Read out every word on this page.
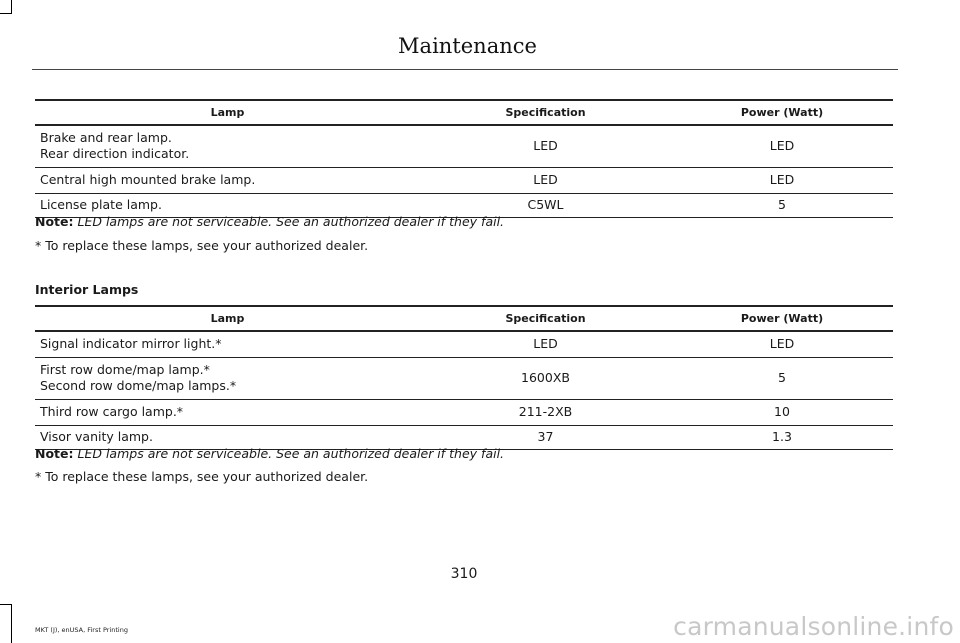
Maintenance
Lamp	Specification	Power (Watt)

Brake and rear lamp.
Rear direction indicator.	LED	LED

Central high mounted brake lamp.	LED	LED

License plate lamp.	C5WL	5
Note: LED lamps are not serviceable. See an authorized dealer if they fail.
* To replace these lamps, see your authorized dealer.
Interior Lamps
Lamp	Specification	Power (Watt)

Signal indicator mirror light.*	LED	LED

First row dome/map lamp.*
Second row dome/map lamps.*	1600XB	5

Third row cargo lamp.*	211-2XB	10

Visor vanity lamp.	37	1.3
Note: LED lamps are not serviceable. See an authorized dealer if they fail.
* To replace these lamps, see your authorized dealer.
310
MKT (J), enUSA, First Printing	carmanualsonline.info
